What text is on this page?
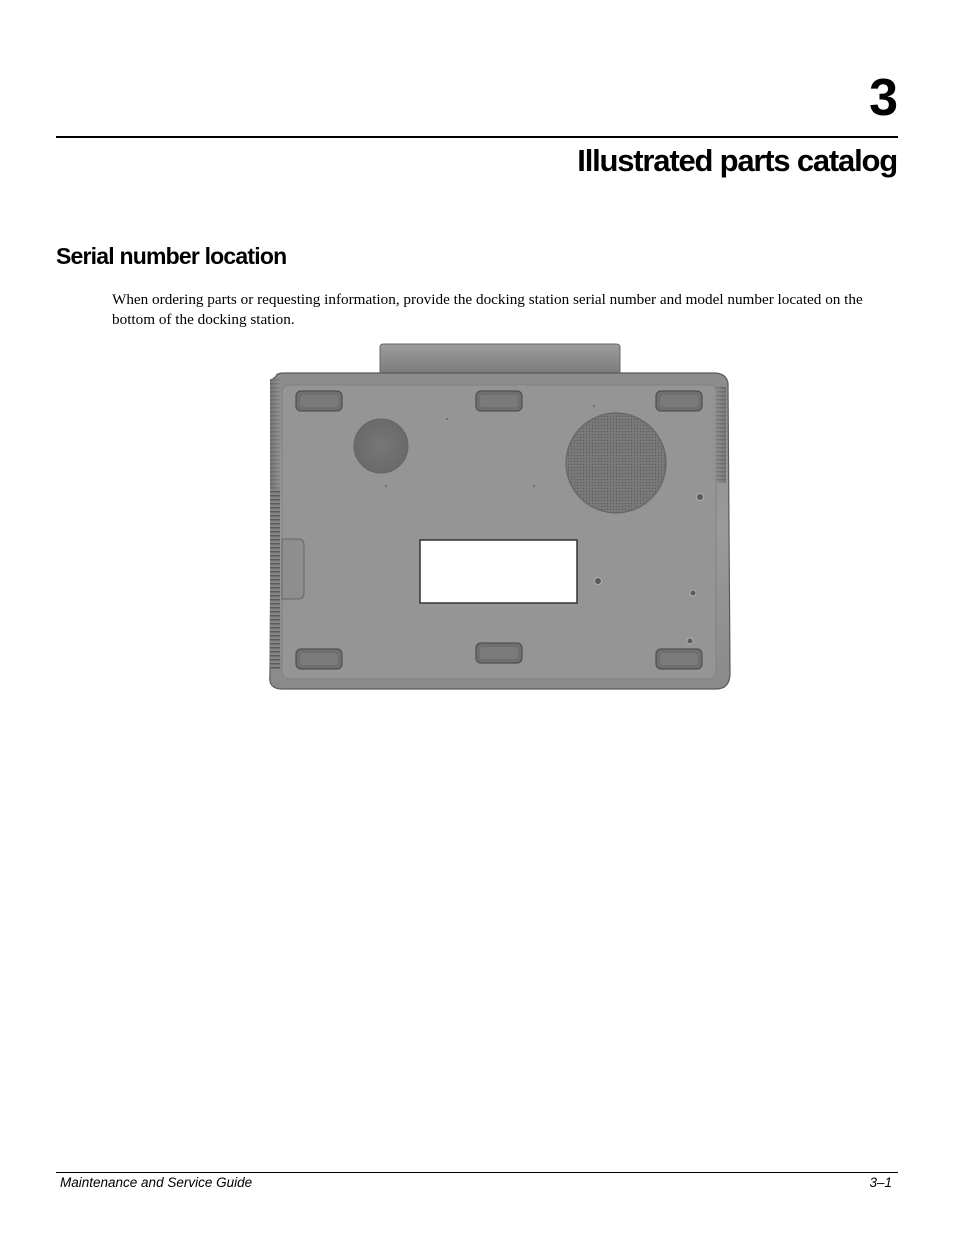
3
Illustrated parts catalog
Serial number location

When ordering parts or requesting information, provide the docking station serial number and model number located on the bottom of the docking station.

Maintenance and Service Guide	3–1
